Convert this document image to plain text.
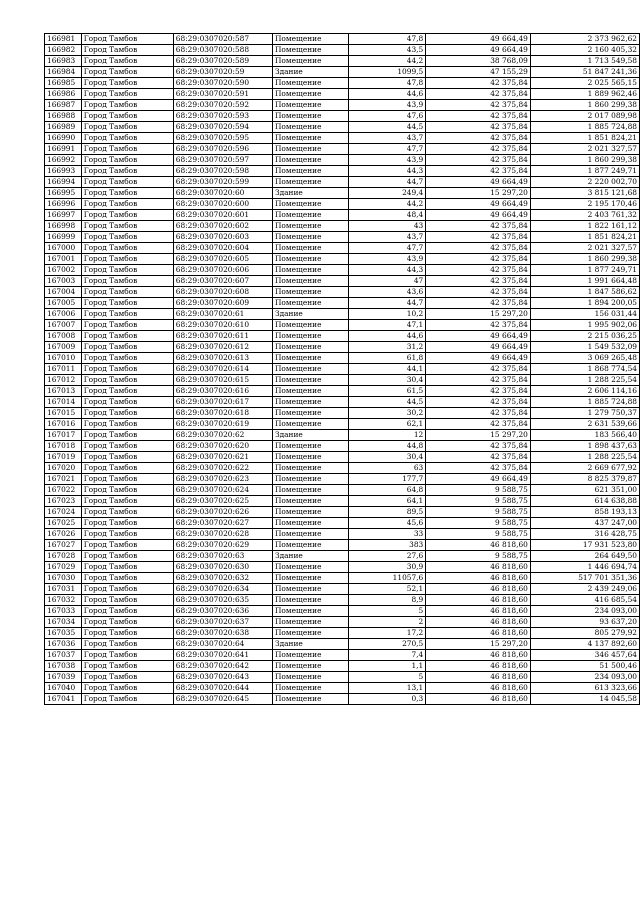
166981	Город Тамбов	68:29:0307020:587	Помещение	47,8	49 664,49	2 373 962,62
166982	Город Тамбов	68:29:0307020:588	Помещение	43,5	49 664,49	2 160 405,32
166983	Город Тамбов	68:29:0307020:589	Помещение	44,2	38 768,09	1 713 549,58
166984	Город Тамбов	68:29:0307020:59	Здание	1099,5	47 155,29	51 847 241,36
166985	Город Тамбов	68:29:0307020:590	Помещение	47,8	42 375,84	2 025 565,15
166986	Город Тамбов	68:29:0307020:591	Помещение	44,6	42 375,84	1 889 962,46
166987	Город Тамбов	68:29:0307020:592	Помещение	43,9	42 375,84	1 860 299,38
166988	Город Тамбов	68:29:0307020:593	Помещение	47,6	42 375,84	2 017 089,98
166989	Город Тамбов	68:29:0307020:594	Помещение	44,5	42 375,84	1 885 724,88
166990	Город Тамбов	68:29:0307020:595	Помещение	43,7	42 375,84	1 851 824,21
166991	Город Тамбов	68:29:0307020:596	Помещение	47,7	42 375,84	2 021 327,57
166992	Город Тамбов	68:29:0307020:597	Помещение	43,9	42 375,84	1 860 299,38
166993	Город Тамбов	68:29:0307020:598	Помещение	44,3	42 375,84	1 877 249,71
166994	Город Тамбов	68:29:0307020:599	Помещение	44,7	49 664,49	2 220 002,70
166995	Город Тамбов	68:29:0307020:60	Здание	249,4	15 297,20	3 815 121,68
166996	Город Тамбов	68:29:0307020:600	Помещение	44,2	49 664,49	2 195 170,46
166997	Город Тамбов	68:29:0307020:601	Помещение	48,4	49 664,49	2 403 761,32
166998	Город Тамбов	68:29:0307020:602	Помещение	43	42 375,84	1 822 161,12
166999	Город Тамбов	68:29:0307020:603	Помещение	43,7	42 375,84	1 851 824,21
167000	Город Тамбов	68:29:0307020:604	Помещение	47,7	42 375,84	2 021 327,57
167001	Город Тамбов	68:29:0307020:605	Помещение	43,9	42 375,84	1 860 299,38
167002	Город Тамбов	68:29:0307020:606	Помещение	44,3	42 375,84	1 877 249,71
167003	Город Тамбов	68:29:0307020:607	Помещение	47	42 375,84	1 991 664,48
167004	Город Тамбов	68:29:0307020:608	Помещение	43,6	42 375,84	1 847 586,62
167005	Город Тамбов	68:29:0307020:609	Помещение	44,7	42 375,84	1 894 200,05
167006	Город Тамбов	68:29:0307020:61	Здание	10,2	15 297,20	156 031,44
167007	Город Тамбов	68:29:0307020:610	Помещение	47,1	42 375,84	1 995 902,06
167008	Город Тамбов	68:29:0307020:611	Помещение	44,6	49 664,49	2 215 036,25
167009	Город Тамбов	68:29:0307020:612	Помещение	31,2	49 664,49	1 549 532,09
167010	Город Тамбов	68:29:0307020:613	Помещение	61,8	49 664,49	3 069 265,48
167011	Город Тамбов	68:29:0307020:614	Помещение	44,1	42 375,84	1 868 774,54
167012	Город Тамбов	68:29:0307020:615	Помещение	30,4	42 375,84	1 288 225,54
167013	Город Тамбов	68:29:0307020:616	Помещение	61,5	42 375,84	2 606 114,16
167014	Город Тамбов	68:29:0307020:617	Помещение	44,5	42 375,84	1 885 724,88
167015	Город Тамбов	68:29:0307020:618	Помещение	30,2	42 375,84	1 279 750,37
167016	Город Тамбов	68:29:0307020:619	Помещение	62,1	42 375,84	2 631 539,66
167017	Город Тамбов	68:29:0307020:62	Здание	12	15 297,20	183 566,40
167018	Город Тамбов	68:29:0307020:620	Помещение	44,8	42 375,84	1 898 437,63
167019	Город Тамбов	68:29:0307020:621	Помещение	30,4	42 375,84	1 288 225,54
167020	Город Тамбов	68:29:0307020:622	Помещение	63	42 375,84	2 669 677,92
167021	Город Тамбов	68:29:0307020:623	Помещение	177,7	49 664,49	8 825 379,87
167022	Город Тамбов	68:29:0307020:624	Помещение	64,8	9 588,75	621 351,00
167023	Город Тамбов	68:29:0307020:625	Помещение	64,1	9 588,75	614 638,88
167024	Город Тамбов	68:29:0307020:626	Помещение	89,5	9 588,75	858 193,13
167025	Город Тамбов	68:29:0307020:627	Помещение	45,6	9 588,75	437 247,00
167026	Город Тамбов	68:29:0307020:628	Помещение	33	9 588,75	316 428,75
167027	Город Тамбов	68:29:0307020:629	Помещение	383	46 818,60	17 931 523,80
167028	Город Тамбов	68:29:0307020:63	Здание	27,6	9 588,75	264 649,50
167029	Город Тамбов	68:29:0307020:630	Помещение	30,9	46 818,60	1 446 694,74
167030	Город Тамбов	68:29:0307020:632	Помещение	11057,6	46 818,60	517 701 351,36
167031	Город Тамбов	68:29:0307020:634	Помещение	52,1	46 818,60	2 439 249,06
167032	Город Тамбов	68:29:0307020:635	Помещение	8,9	46 818,60	416 685,54
167033	Город Тамбов	68:29:0307020:636	Помещение	5	46 818,60	234 093,00
167034	Город Тамбов	68:29:0307020:637	Помещение	2	46 818,60	93 637,20
167035	Город Тамбов	68:29:0307020:638	Помещение	17,2	46 818,60	805 279,92
167036	Город Тамбов	68:29:0307020:64	Здание	270,5	15 297,20	4 137 892,60
167037	Город Тамбов	68:29:0307020:641	Помещение	7,4	46 818,60	346 457,64
167038	Город Тамбов	68:29:0307020:642	Помещение	1,1	46 818,60	51 500,46
167039	Город Тамбов	68:29:0307020:643	Помещение	5	46 818,60	234 093,00
167040	Город Тамбов	68:29:0307020:644	Помещение	13,1	46 818,60	613 323,66
167041	Город Тамбов	68:29:0307020:645	Помещение	0,3	46 818,60	14 045,58
